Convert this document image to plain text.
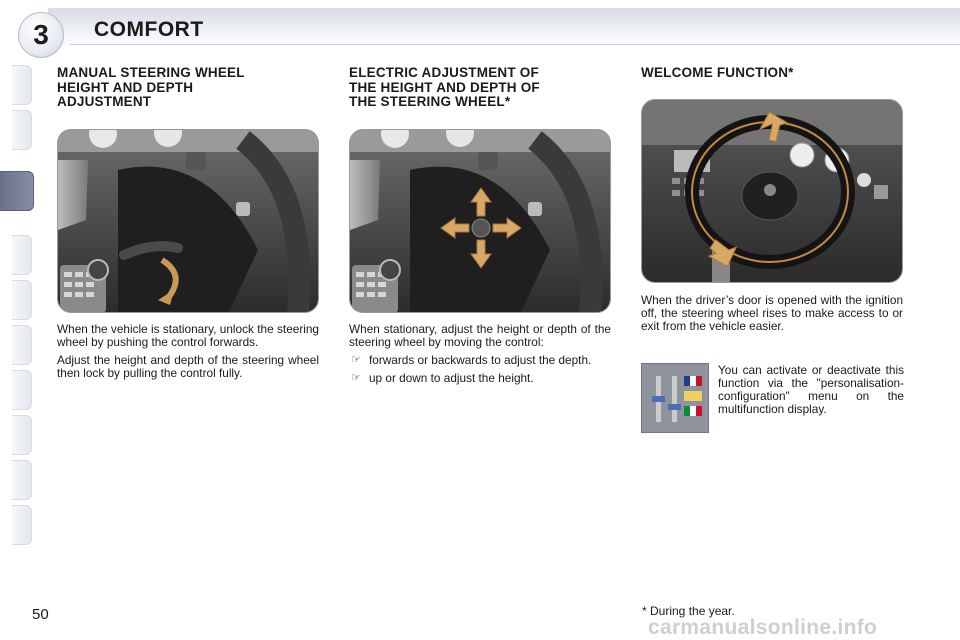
3 COMFORT
MANUAL STEERING WHEEL
HEIGHT AND DEPTH
ADJUSTMENT

When the vehicle is stationary, unlock the steering wheel by pushing the control forwards.

Adjust the height and depth of the steering wheel then lock by pulling the control fully.

ELECTRIC ADJUSTMENT OF
THE HEIGHT AND DEPTH OF
THE STEERING WHEEL*

When stationary, adjust the height or depth of the steering wheel by moving the control:

☞ forwards or backwards to adjust the depth.
☞ up or down to adjust the height.
WELCOME FUNCTION*

When the driver’s door is opened with the ignition off, the steering wheel rises to make access to or exit from the vehicle easier.

You can activate or deactivate this function via the "personalisation-configuration" menu on the multifunction display.

50	* During the year.
carmanualsonline.info
